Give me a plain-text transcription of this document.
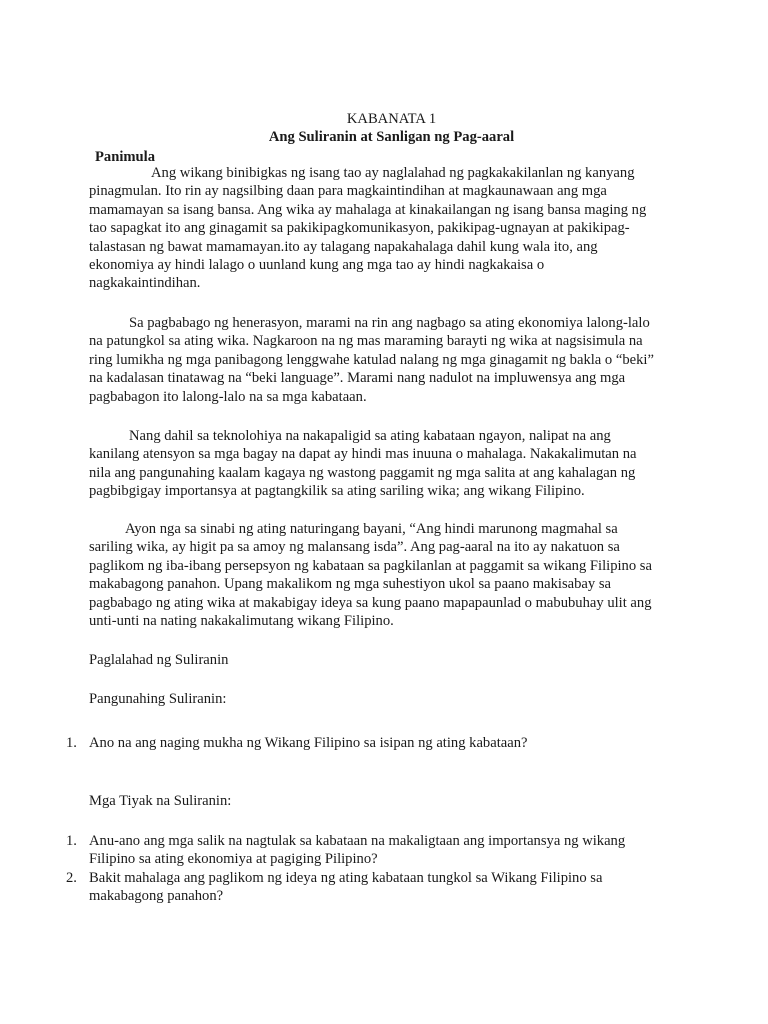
KABANATA 1
Ang Suliranin at Sanligan ng Pag-aaral
Panimula
Ang wikang binibigkas ng isang tao ay naglalahad ng pagkakakilanlan ng kanyang
pinagmulan. Ito rin ay nagsilbing daan para magkaintindihan at magkaunawaan ang mga
mamamayan sa isang bansa. Ang wika ay mahalaga at kinakailangan ng isang bansa maging ng
tao sapagkat ito ang ginagamit sa pakikipagkomunikasyon, pakikipag-ugnayan at pakikipag-
talastasan ng bawat mamamayan.ito ay talagang napakahalaga dahil kung wala ito, ang
ekonomiya ay hindi lalago o uunland kung ang mga tao ay hindi nagkakaisa o
nagkakaintindihan.
Sa pagbabago ng henerasyon, marami na rin ang nagbago sa ating ekonomiya lalong-lalo
na patungkol sa ating wika. Nagkaroon na ng mas maraming barayti ng wika at nagsisimula na
ring lumikha ng mga panibagong lenggwahe katulad nalang ng mga ginagamit ng bakla o “beki”
na kadalasan tinatawag na “beki language”. Marami nang nadulot na impluwensya ang mga
pagbabagon ito lalong-lalo na sa mga kabataan.
Nang dahil sa teknolohiya na nakapaligid sa ating kabataan ngayon, nalipat na ang
kanilang atensyon sa mga bagay na dapat ay hindi mas inuuna o mahalaga. Nakakalimutan na
nila ang pangunahing kaalam kagaya ng wastong paggamit ng mga salita at ang kahalagan ng
pagbibgigay importansya at pagtangkilik sa ating sariling wika; ang wikang Filipino.
Ayon nga sa sinabi ng ating naturingang bayani, “Ang hindi marunong magmahal sa
sariling wika, ay higit pa sa amoy ng malansang isda”. Ang pag-aaral na ito ay nakatuon sa
paglikom ng iba-ibang persepsyon ng kabataan sa pagkilanlan at paggamit sa wikang Filipino sa
makabagong panahon. Upang makalikom ng mga suhestiyon ukol sa paano makisabay sa
pagbabago ng ating wika at makabigay ideya sa kung paano mapapaunlad o mabubuhay ulit ang
unti-unti na nating nakakalimutang wikang Filipino.
Paglalahad ng Suliranin
Pangunahing Suliranin:
1. Ano na ang naging mukha ng Wikang Filipino sa isipan ng ating kabataan?
Mga Tiyak na Suliranin:
1. Anu-ano ang mga salik na nagtulak sa kabataan na makaligtaan ang importansya ng wikang
Filipino sa ating ekonomiya at pagiging Pilipino?
2. Bakit mahalaga ang paglikom ng ideya ng ating kabataan tungkol sa Wikang Filipino sa
makabagong panahon?
